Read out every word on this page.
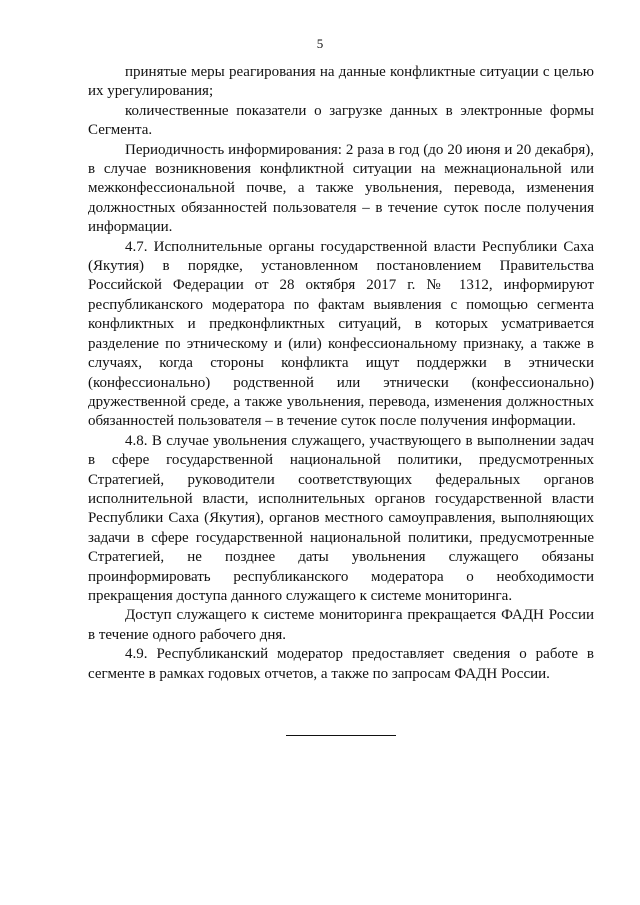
5

принятые меры реагирования на данные конфликтные ситуации с целью их урегулирования;

количественные показатели о загрузке данных в электронные формы Сегмента.

Периодичность информирования: 2 раза в год (до 20 июня и 20 декабря), в случае возникновения конфликтной ситуации на межнациональной или межконфессиональной почве, а также увольнения, перевода, изменения должностных обязанностей пользователя – в течение суток после получения информации.

4.7. Исполнительные органы государственной власти Республики Саха (Якутия) в порядке, установленном постановлением Правительства Российской Федерации от 28 октября 2017 г. № 1312, информируют республиканского модератора по фактам выявления с помощью сегмента конфликтных и предконфликтных ситуаций, в которых усматривается разделение по этническому и (или) конфессиональному признаку, а также в случаях, когда стороны конфликта ищут поддержки в этнически (конфессионально) родственной или этнически (конфессионально) дружественной среде, а также увольнения, перевода, изменения должностных обязанностей пользователя – в течение суток после получения информации.

4.8. В случае увольнения служащего, участвующего в выполнении задач в сфере государственной национальной политики, предусмотренных Стратегией, руководители соответствующих федеральных органов исполнительной власти, исполнительных органов государственной власти Республики Саха (Якутия), органов местного самоуправления, выполняющих задачи в сфере государственной национальной политики, предусмотренные Стратегией, не позднее даты увольнения служащего обязаны проинформировать республиканского модератора о необходимости прекращения доступа данного служащего к системе мониторинга.

Доступ служащего к системе мониторинга прекращается ФАДН России в течение одного рабочего дня.

4.9. Республиканский модератор предоставляет сведения о работе в сегменте в рамках годовых отчетов, а также по запросам ФАДН России.
